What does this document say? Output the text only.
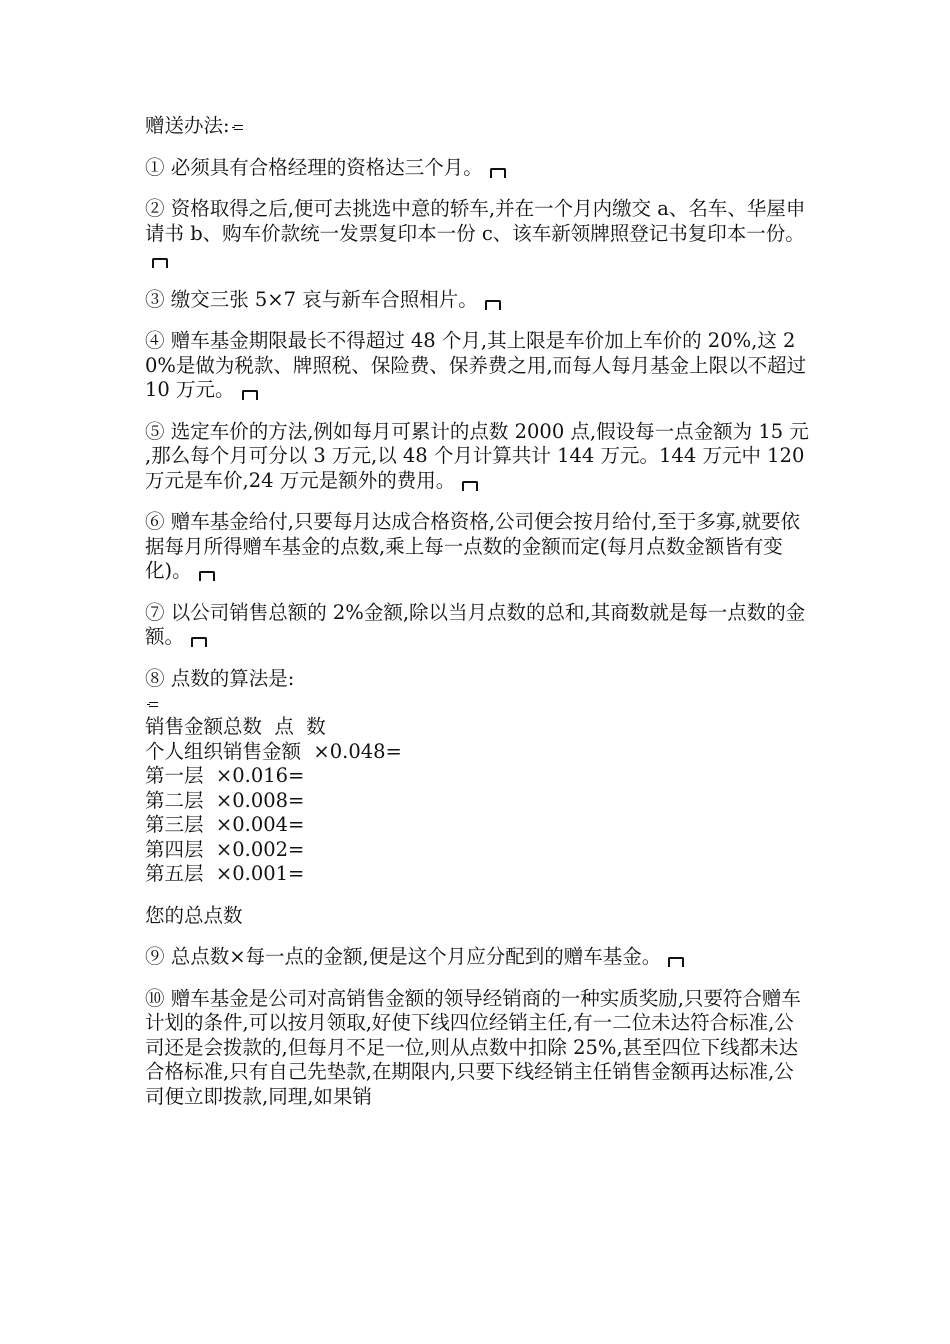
赠送办法:

① 必须具有合格经理的资格达三个月。

② 资格取得之后,便可去挑选中意的轿车,并在一个月内缴交 a、名车、华屋申请书 b、购车价款统一发票复印本一份 c、该车新领牌照登记书复印本一份。

③ 缴交三张 5×7 哀与新车合照相片。

④ 赠车基金期限最长不得超过 48 个月,其上限是车价加上车价的 20%,这 20%是做为税款、牌照税、保险费、保养费之用,而每人每月基金上限以不超过 10 万元。

⑤ 选定车价的方法,例如每月可累计的点数 2000 点,假设每一点金额为 15 元 ,那么每个月可分以 3 万元,以 48 个月计算共计 144 万元。144 万元中 120 万元是车价,24 万元是额外的费用。

⑥ 赠车基金给付,只要每月达成合格资格,公司便会按月给付,至于多寡,就要依据每月所得赠车基金的点数,乘上每一点数的金额而定(每月点数金额皆有变化)。

⑦ 以公司销售总额的 2%金额,除以当月点数的总和,其商数就是每一点数的金额。

⑧ 点数的算法是:
销售金额总数  点  数
个人组织销售金额  ×0.048=
第一层  ×0.016=
第二层  ×0.008=
第三层  ×0.004=
第四层  ×0.002=
第五层  ×0.001=

您的总点数

⑨ 总点数×每一点的金额,便是这个月应分配到的赠车基金。

⑩ 赠车基金是公司对高销售金额的领导经销商的一种实质奖励,只要符合赠车计划的条件,可以按月领取,好使下线四位经销主任,有一二位未达符合标准,公司还是会拨款的,但每月不足一位,则从点数中扣除 25%,甚至四位下线都未达合格标准,只有自己先垫款,在期限内,只要下线经销主任销售金额再达标准,公司便立即拨款,同理,如果销
